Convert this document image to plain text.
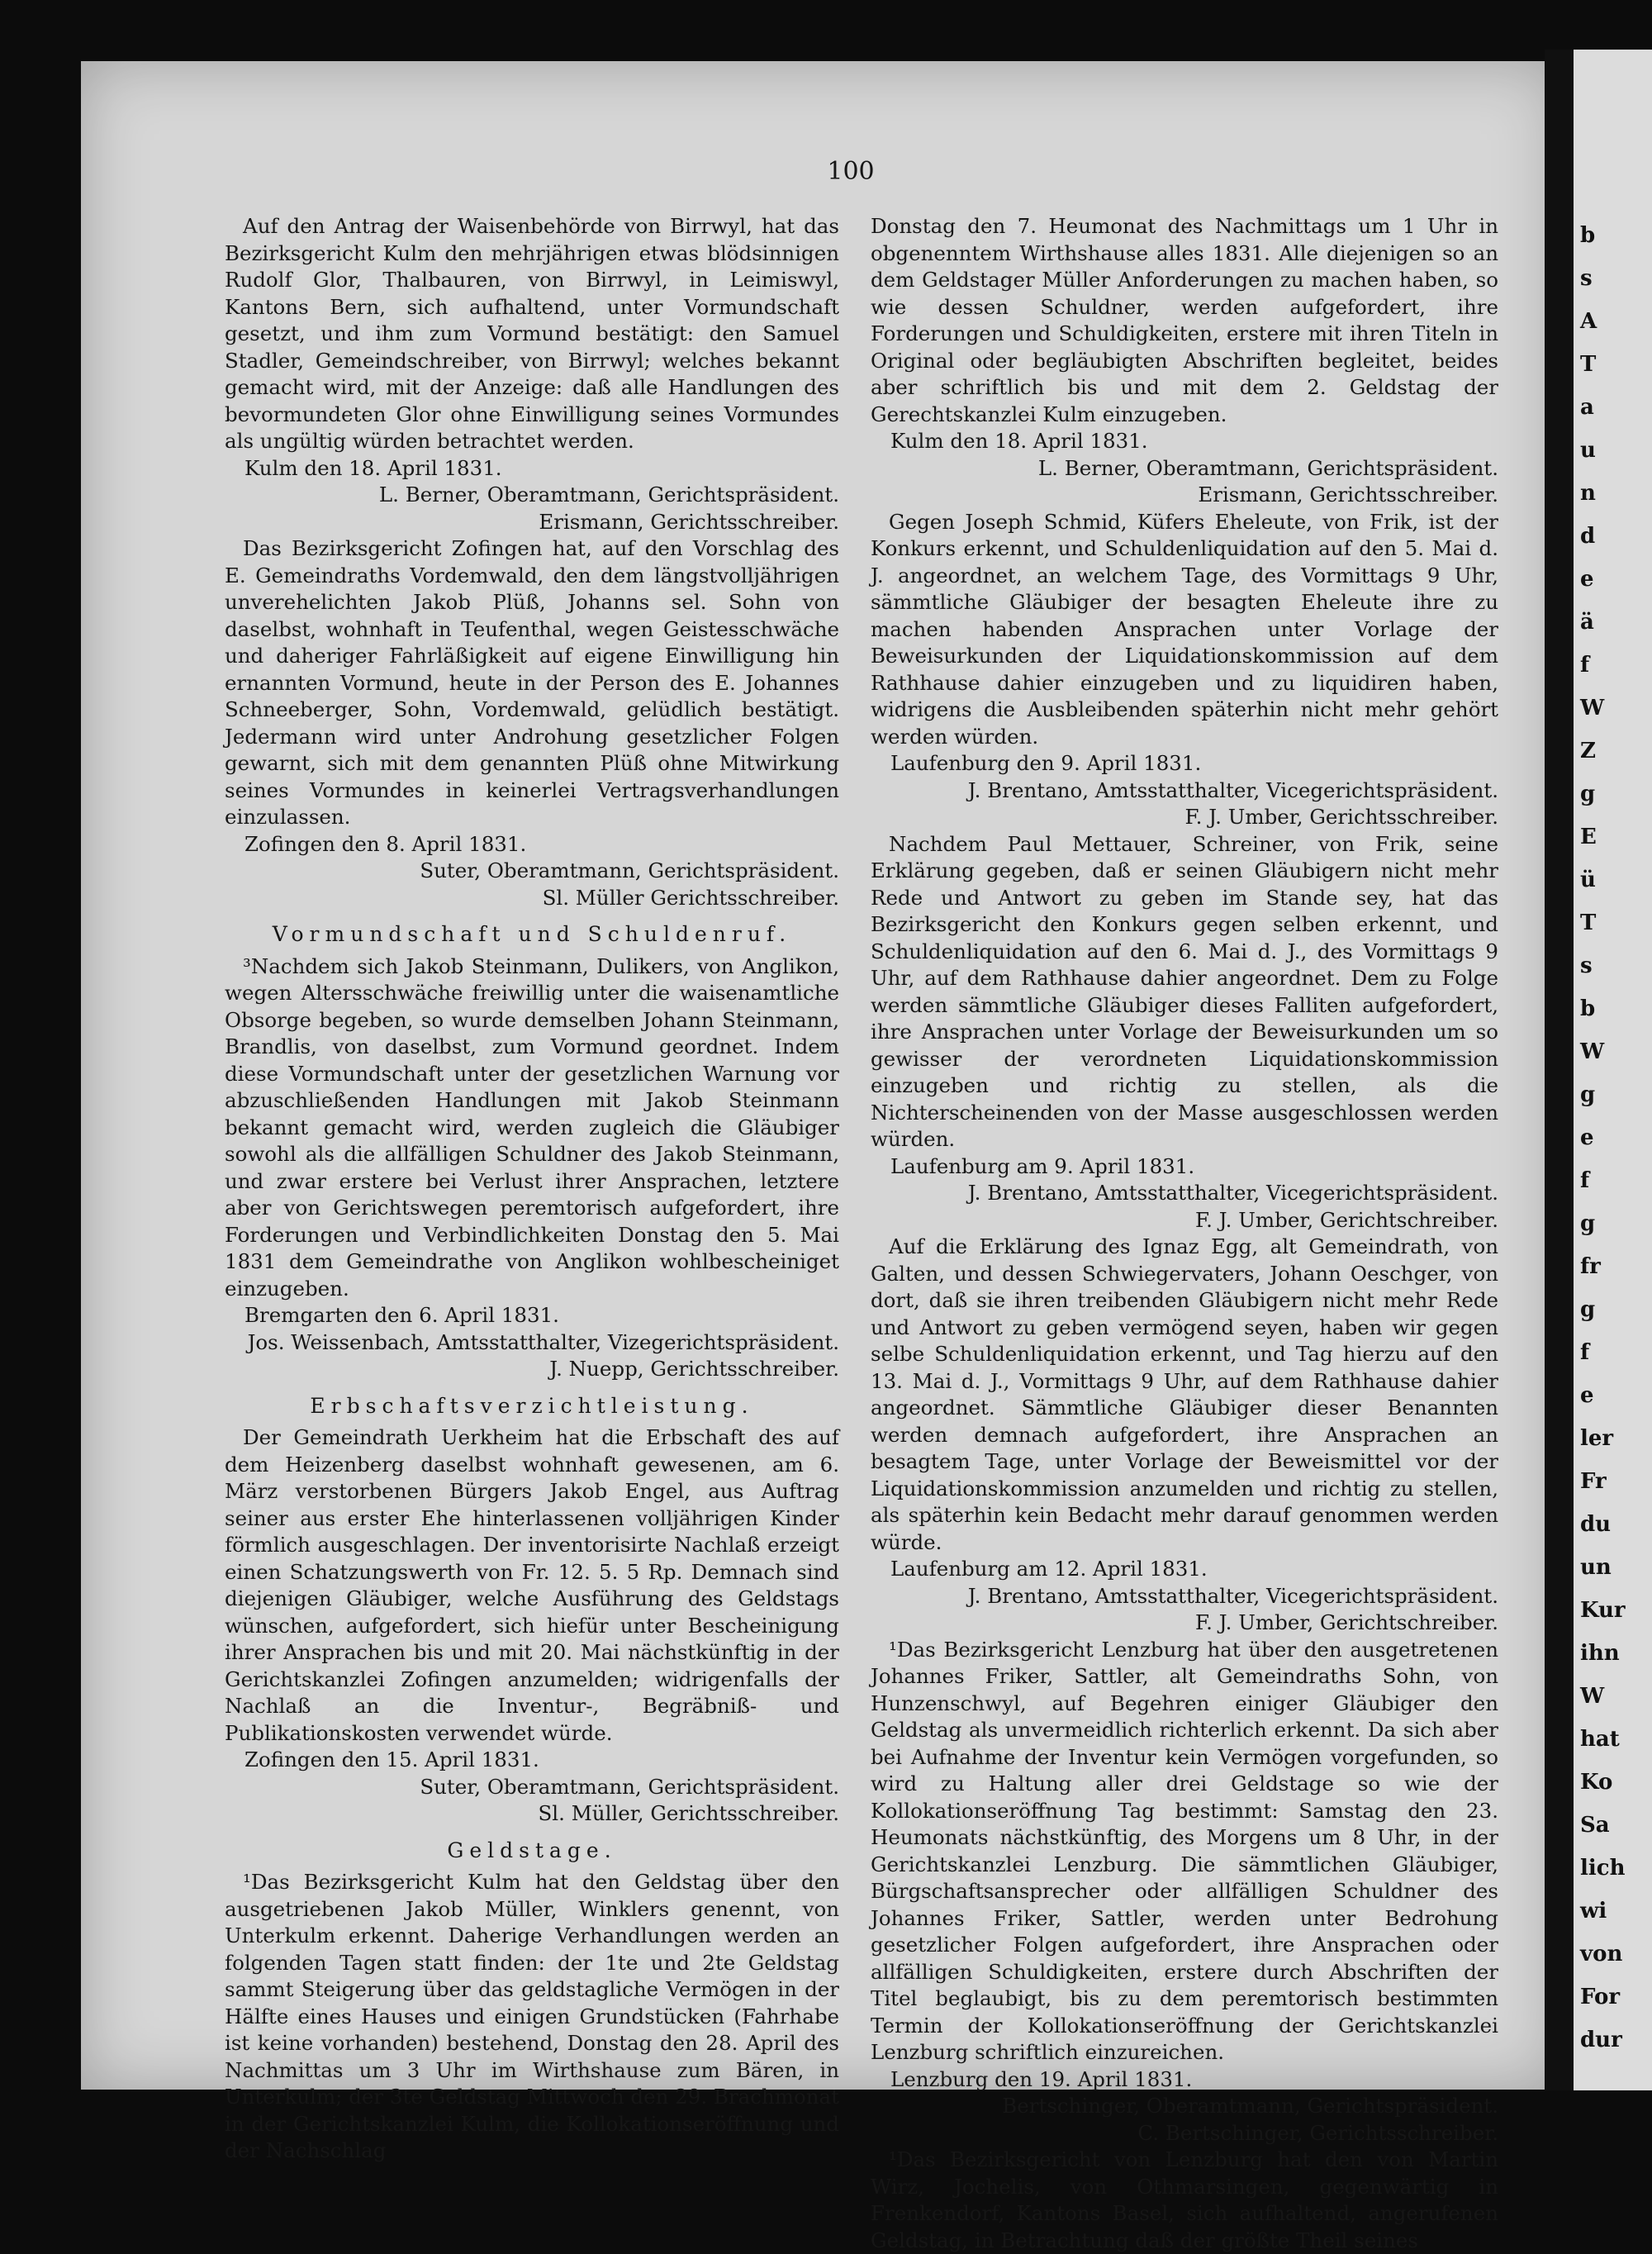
b
s
A
T
a
u
n
d
e
ä
f
W
Z
g
E
ü
T
s
b
W
g
e
f
g
fr
g
f
e
ler
Fr
du
un
Kur
ihn
W
hat
Ko
Sa
lich
wi
von
For
dur
100

Auf den Antrag der Waisenbehörde von Birrwyl, hat das Bezirksgericht Kulm den mehrjährigen etwas blödsinnigen Rudolf Glor, Thalbauren, von Birrwyl, in Leimiswyl, Kantons Bern, sich aufhaltend, unter Vormundschaft gesetzt, und ihm zum Vormund bestätigt: den Samuel Stadler, Gemeindschreiber, von Birrwyl; welches bekannt gemacht wird, mit der Anzeige: daß alle Handlungen des bevormundeten Glor ohne Einwilligung seines Vormundes als ungültig würden betrachtet werden.

Kulm den 18. April 1831.

L. Berner, Oberamtmann, Gerichtspräsident.

Erismann, Gerichtsschreiber.

Das Bezirksgericht Zofingen hat, auf den Vorschlag des E. Gemeindraths Vordemwald, den dem längstvolljährigen unverehelichten Jakob Plüß, Johanns sel. Sohn von daselbst, wohnhaft in Teufenthal, wegen Geistesschwäche und daheriger Fahrläßigkeit auf eigene Einwilligung hin ernannten Vormund, heute in der Person des E. Johannes Schneeberger, Sohn, Vordemwald, gelüdlich bestätigt. Jedermann wird unter Androhung gesetzlicher Folgen gewarnt, sich mit dem genannten Plüß ohne Mitwirkung seines Vormundes in keinerlei Vertragsverhandlungen einzulassen.

Zofingen den 8. April 1831.

Suter, Oberamtmann, Gerichtspräsident.

Sl. Müller Gerichtsschreiber.

Vormundschaft und Schuldenruf.

³Nachdem sich Jakob Steinmann, Dulikers, von Anglikon, wegen Altersschwäche freiwillig unter die waisenamtliche Obsorge begeben, so wurde demselben Johann Steinmann, Brandlis, von daselbst, zum Vormund geordnet. Indem diese Vormundschaft unter der gesetzlichen Warnung vor abzuschließenden Handlungen mit Jakob Steinmann bekannt gemacht wird, werden zugleich die Gläubiger sowohl als die allfälligen Schuldner des Jakob Steinmann, und zwar erstere bei Verlust ihrer Ansprachen, letztere aber von Gerichtswegen peremtorisch aufgefordert, ihre Forderungen und Verbindlichkeiten Donstag den 5. Mai 1831 dem Gemeindrathe von Anglikon wohlbescheiniget einzugeben.

Bremgarten den 6. April 1831.

Jos. Weissenbach, Amtsstatthalter, Vizegerichtspräsident.

J. Nuepp, Gerichtsschreiber.

Erbschaftsverzichtleistung.

Der Gemeindrath Uerkheim hat die Erbschaft des auf dem Heizenberg daselbst wohnhaft gewesenen, am 6. März verstorbenen Bürgers Jakob Engel, aus Auftrag seiner aus erster Ehe hinterlassenen volljährigen Kinder förmlich ausgeschlagen. Der inventorisirte Nachlaß erzeigt einen Schatzungswerth von Fr. 12. 5. 5 Rp. Demnach sind diejenigen Gläubiger, welche Ausführung des Geldstags wünschen, aufgefordert, sich hiefür unter Bescheinigung ihrer Ansprachen bis und mit 20. Mai nächstkünftig in der Gerichtskanzlei Zofingen anzumelden; widrigenfalls der Nachlaß an die Inventur-, Begräbniß- und Publikationskosten verwendet würde.

Zofingen den 15. April 1831.

Suter, Oberamtmann, Gerichtspräsident.

Sl. Müller, Gerichtsschreiber.

Geldstage.

¹Das Bezirksgericht Kulm hat den Geldstag über den ausgetriebenen Jakob Müller, Winklers genennt, von Unterkulm erkennt. Daherige Verhandlungen werden an folgenden Tagen statt finden: der 1te und 2te Geldstag sammt Steigerung über das geldstagliche Vermögen in der Hälfte eines Hauses und einigen Grundstücken (Fahrhabe ist keine vorhanden) bestehend, Donstag den 28. April des Nachmittas um 3 Uhr im Wirthshause zum Bären, in Unterkulm; der 3te Geldstag Mittwoch den 29. Brachmonat in der Gerichtskanzlei Kulm, die Kollokationseröffnung und der Nachschlag

Donstag den 7. Heumonat des Nachmittags um 1 Uhr in obgenenntem Wirthshause alles 1831. Alle diejenigen so an dem Geldstager Müller Anforderungen zu machen haben, so wie dessen Schuldner, werden aufgefordert, ihre Forderungen und Schuldigkeiten, erstere mit ihren Titeln in Original oder begläubigten Abschriften begleitet, beides aber schriftlich bis und mit dem 2. Geldstag der Gerechtskanzlei Kulm einzugeben.

Kulm den 18. April 1831.

L. Berner, Oberamtmann, Gerichtspräsident.

Erismann, Gerichtsschreiber.

Gegen Joseph Schmid, Küfers Eheleute, von Frik, ist der Konkurs erkennt, und Schuldenliquidation auf den 5. Mai d. J. angeordnet, an welchem Tage, des Vormittags 9 Uhr, sämmtliche Gläubiger der besagten Eheleute ihre zu machen habenden Ansprachen unter Vorlage der Beweisurkunden der Liquidationskommission auf dem Rathhause dahier einzugeben und zu liquidiren haben, widrigens die Ausbleibenden späterhin nicht mehr gehört werden würden.

Laufenburg den 9. April 1831.

J. Brentano, Amtsstatthalter, Vicegerichtspräsident.

F. J. Umber, Gerichtsschreiber.

Nachdem Paul Mettauer, Schreiner, von Frik, seine Erklärung gegeben, daß er seinen Gläubigern nicht mehr Rede und Antwort zu geben im Stande sey, hat das Bezirksgericht den Konkurs gegen selben erkennt, und Schuldenliquidation auf den 6. Mai d. J., des Vormittags 9 Uhr, auf dem Rathhause dahier angeordnet. Dem zu Folge werden sämmtliche Gläubiger dieses Falliten aufgefordert, ihre Ansprachen unter Vorlage der Beweisurkunden um so gewisser der verordneten Liquidationskommission einzugeben und richtig zu stellen, als die Nichterscheinenden von der Masse ausgeschlossen werden würden.

Laufenburg am 9. April 1831.

J. Brentano, Amtsstatthalter, Vicegerichtspräsident.

F. J. Umber, Gerichtschreiber.

Auf die Erklärung des Ignaz Egg, alt Gemeindrath, von Galten, und dessen Schwiegervaters, Johann Oeschger, von dort, daß sie ihren treibenden Gläubigern nicht mehr Rede und Antwort zu geben vermögend seyen, haben wir gegen selbe Schuldenliquidation erkennt, und Tag hierzu auf den 13. Mai d. J., Vormittags 9 Uhr, auf dem Rathhause dahier angeordnet. Sämmtliche Gläubiger dieser Benannten werden demnach aufgefordert, ihre Ansprachen an besagtem Tage, unter Vorlage der Beweismittel vor der Liquidationskommission anzumelden und richtig zu stellen, als späterhin kein Bedacht mehr darauf genommen werden würde.

Laufenburg am 12. April 1831.

J. Brentano, Amtsstatthalter, Vicegerichtspräsident.

F. J. Umber, Gerichtschreiber.

¹Das Bezirksgericht Lenzburg hat über den ausgetretenen Johannes Friker, Sattler, alt Gemeindraths Sohn, von Hunzenschwyl, auf Begehren einiger Gläubiger den Geldstag als unvermeidlich richterlich erkennt. Da sich aber bei Aufnahme der Inventur kein Vermögen vorgefunden, so wird zu Haltung aller drei Geldstage so wie der Kollokationseröffnung Tag bestimmt: Samstag den 23. Heumonats nächstkünftig, des Morgens um 8 Uhr, in der Gerichtskanzlei Lenzburg. Die sämmtlichen Gläubiger, Bürgschaftsansprecher oder allfälligen Schuldner des Johannes Friker, Sattler, werden unter Bedrohung gesetzlicher Folgen aufgefordert, ihre Ansprachen oder allfälligen Schuldigkeiten, erstere durch Abschriften der Titel beglaubigt, bis zu dem peremtorisch bestimmten Termin der Kollokationseröffnung der Gerichtskanzlei Lenzburg schriftlich einzureichen.

Lenzburg den 19. April 1831.

Bertschinger, Oberamtmann, Gerichtspräsident.

C. Bertschinger, Gerichtsschreiber.

¹Das Bezirksgericht von Lenzburg hat den von Martin Wirz, Jochelis, von Othmarsingen, gegenwärtig in Frenkendorf, Kantons Basel, sich aufhaltend, angerufenen Geldstag, in Betrachtung daß der größte Theil seines
